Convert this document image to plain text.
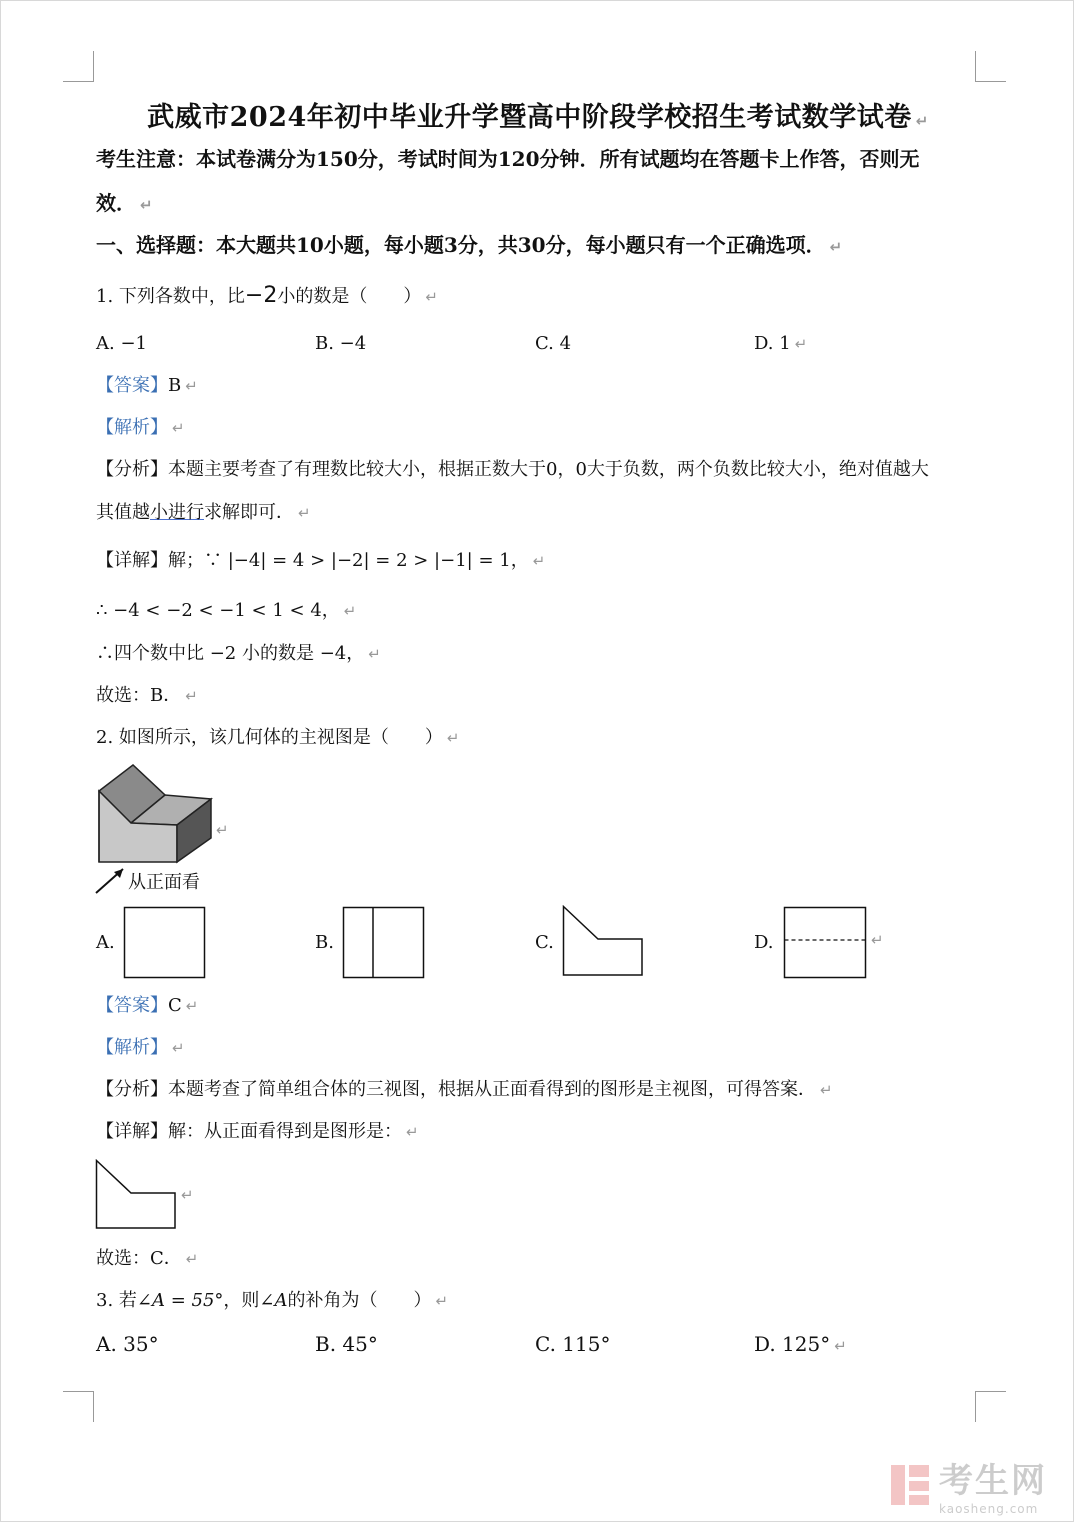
武威市2024年初中毕业升学暨高中阶段学校招生考试数学试卷 ↵
考生注意：本试卷满分为150分，考试时间为120分钟．所有试题均在答题卡上作答，否则无
效． ↵
一、选择题：本大题共10小题，每小题3分，共30分，每小题只有一个正确选项． ↵
1. 下列各数中，比−2小的数是（　　） ↵
A. −1	B. −4	C. 4	D. 1 ↵
【答案】B ↵
【解析】 ↵
【分析】本题主要考查了有理数比较大小，根据正数大于0，0大于负数，两个负数比较大小，绝对值越大
其值越小进行求解即可． ↵
【详解】解；∵ |−4| = 4 > |−2| = 2 > |−1| = 1， ↵
∴ −4 < −2 < −1 < 1 < 4， ↵
∴四个数中比 −2 小的数是 −4， ↵
故选：B． ↵
2. 如图所示，该几何体的主视图是（　　） ↵
↵
从正面看
A.	B.	C.	D.	↵
【答案】C ↵
【解析】 ↵
【分析】本题考查了简单组合体的三视图，根据从正面看得到的图形是主视图，可得答案． ↵
【详解】解：从正面看得到是图形是： ↵
↵
故选：C． ↵
3. 若∠A = 55°，则∠A的补角为（　　） ↵
A. 35°	B. 45°	C. 115°	D. 125° ↵
考生网
kaosheng.com
